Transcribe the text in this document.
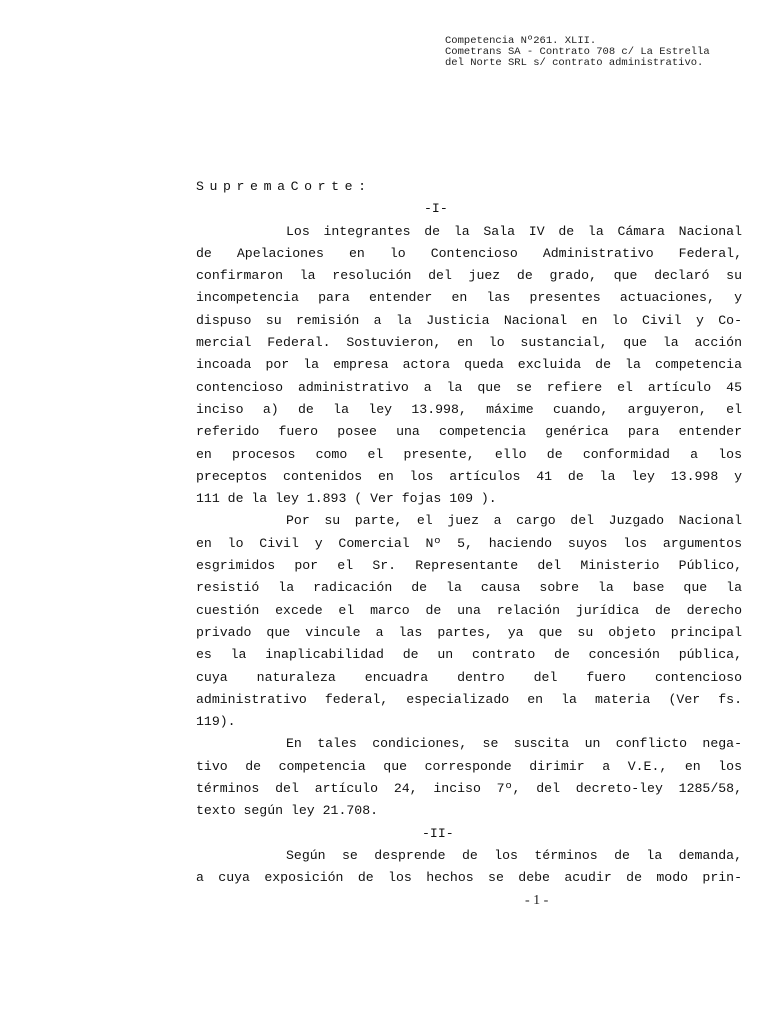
Competencia Nº261. XLII.
Cometrans SA - Contrato 708 c/ La Estrella
del Norte SRL s/ contrato administrativo.
SupremaCorte:
-I-
Los integrantes de la Sala IV de la Cámara Nacional
de Apelaciones en lo Contencioso Administrativo Federal,
confirmaron la resolución del juez de grado, que declaró su
incompetencia para entender en las presentes actuaciones, y
dispuso su remisión a la Justicia Nacional en lo Civil y Co-
mercial Federal. Sostuvieron, en lo sustancial, que la acción
incoada por la empresa actora queda excluida de la competencia
contencioso administrativo a la que se refiere el artículo 45
inciso a) de la ley 13.998, máxime cuando, arguyeron, el
referido fuero posee una competencia genérica para entender
en procesos como el presente, ello de conformidad a los
preceptos contenidos en los artículos 41 de la ley 13.998 y
111 de la ley 1.893 ( Ver fojas 109 ).
Por su parte, el juez a cargo del Juzgado Nacional
en lo Civil y Comercial Nº 5, haciendo suyos los argumentos
esgrimidos por el Sr. Representante del Ministerio Público,
resistió la radicación de la causa sobre la base que la
cuestión excede el marco de una relación jurídica de derecho
privado que vincule a las partes, ya que su objeto principal
es la inaplicabilidad de un contrato de concesión pública,
cuya naturaleza encuadra dentro del fuero contencioso
administrativo federal, especializado en la materia (Ver fs.
119).
En tales condiciones, se suscita un conflicto nega-
tivo de competencia que corresponde dirimir a V.E., en los
términos del artículo 24, inciso 7º, del decreto-ley 1285/58,
texto según ley 21.708.
-II-
Según se desprende de los términos de la demanda,
a cuya exposición de los hechos se debe acudir de modo prin-
- 1 -
